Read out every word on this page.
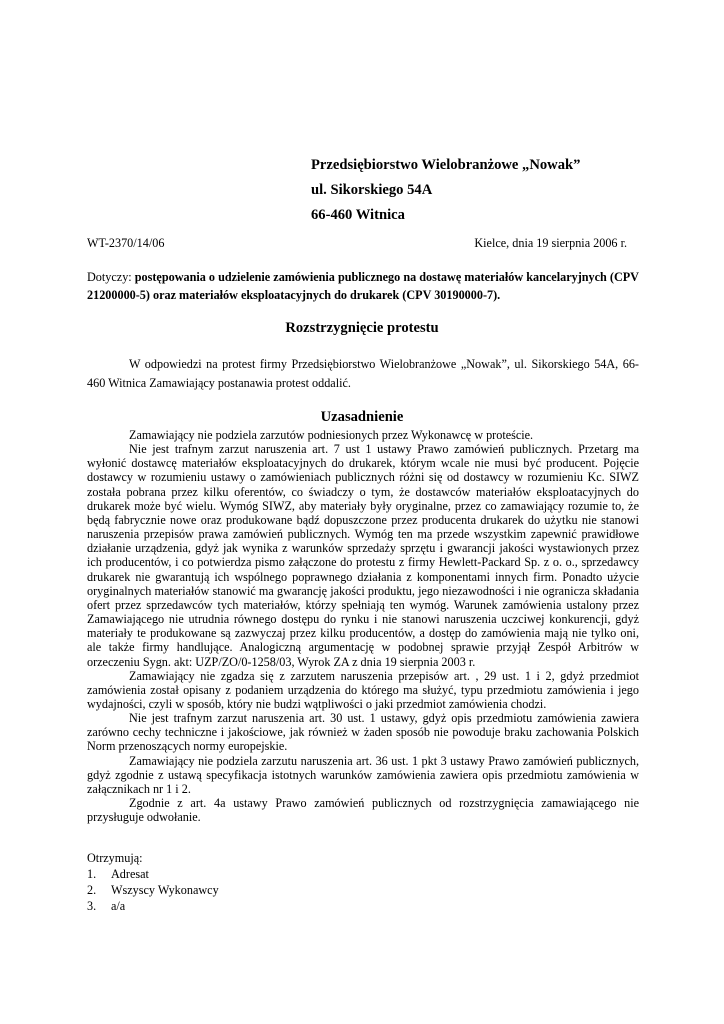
Przedsiębiorstwo Wielobranżowe „Nowak”
ul. Sikorskiego 54A
66-460 Witnica
WT-2370/14/06	Kielce, dnia 19 sierpnia 2006 r.
Dotyczy: postępowania o udzielenie zamówienia publicznego na dostawę materiałów kancelaryjnych (CPV 21200000-5) oraz materiałów eksploatacyjnych do drukarek (CPV 30190000-7).
Rozstrzygnięcie protestu
W odpowiedzi na protest firmy Przedsiębiorstwo Wielobranżowe „Nowak”, ul. Sikorskiego 54A, 66-460 Witnica Zamawiający postanawia protest oddalić.
Uzasadnienie

Zamawiający nie podziela zarzutów podniesionych przez Wykonawcę w proteście.

Nie jest trafnym zarzut naruszenia art. 7 ust 1 ustawy Prawo zamówień publicznych. Przetarg ma wyłonić dostawcę materiałów eksploatacyjnych do drukarek, którym wcale nie musi być producent. Pojęcie dostawcy w rozumieniu ustawy o zamówieniach publicznych różni się od dostawcy w rozumieniu Kc. SIWZ została pobrana przez kilku oferentów, co świadczy o tym, że dostawców materiałów eksploatacyjnych do drukarek może być wielu. Wymóg SIWZ, aby materiały były oryginalne, przez co zamawiający rozumie to, że będą fabrycznie nowe oraz produkowane bądź dopuszczone przez producenta drukarek do użytku nie stanowi naruszenia przepisów prawa zamówień publicznych. Wymóg ten ma przede wszystkim zapewnić prawidłowe działanie urządzenia, gdyż jak wynika z warunków sprzedaży sprzętu i gwarancji jakości wystawionych przez ich producentów, i co potwierdza pismo załączone do protestu z firmy Hewlett-Packard Sp. z o. o., sprzedawcy drukarek nie gwarantują ich wspólnego poprawnego działania z komponentami innych firm. Ponadto użycie oryginalnych materiałów stanowić ma gwarancję jakości produktu, jego niezawodności i nie ogranicza składania ofert przez sprzedawców tych materiałów, którzy spełniają ten wymóg. Warunek zamówienia ustalony przez Zamawiającego nie utrudnia równego dostępu do rynku i nie stanowi naruszenia uczciwej konkurencji, gdyż materiały te produkowane są zazwyczaj przez kilku producentów, a dostęp do zamówienia mają nie tylko oni, ale także firmy handlujące. Analogiczną argumentację w podobnej sprawie przyjął Zespół Arbitrów w orzeczeniu Sygn. akt: UZP/ZO/0-1258/03, Wyrok ZA z dnia 19 sierpnia 2003 r.

Zamawiający nie zgadza się z zarzutem naruszenia przepisów art. , 29 ust. 1 i 2, gdyż przedmiot zamówienia został opisany z podaniem urządzenia do którego ma służyć, typu przedmiotu zamówienia i jego wydajności, czyli w sposób, który nie budzi wątpliwości o jaki przedmiot zamówienia chodzi.

Nie jest trafnym zarzut naruszenia art. 30 ust. 1 ustawy, gdyż opis przedmiotu zamówienia zawiera zarówno cechy techniczne i jakościowe, jak również w żaden sposób nie powoduje braku zachowania Polskich Norm przenoszących normy europejskie.

Zamawiający nie podziela zarzutu naruszenia art. 36 ust. 1 pkt 3 ustawy Prawo zamówień publicznych, gdyż zgodnie z ustawą specyfikacja istotnych warunków zamówienia zawiera opis przedmiotu zamówienia w załącznikach nr 1 i 2.

Zgodnie z art. 4a ustawy Prawo zamówień publicznych od rozstrzygnięcia zamawiającego nie przysługuje odwołanie.

Otrzymują:
1. Adresat
2. Wszyscy Wykonawcy
3. a/a
